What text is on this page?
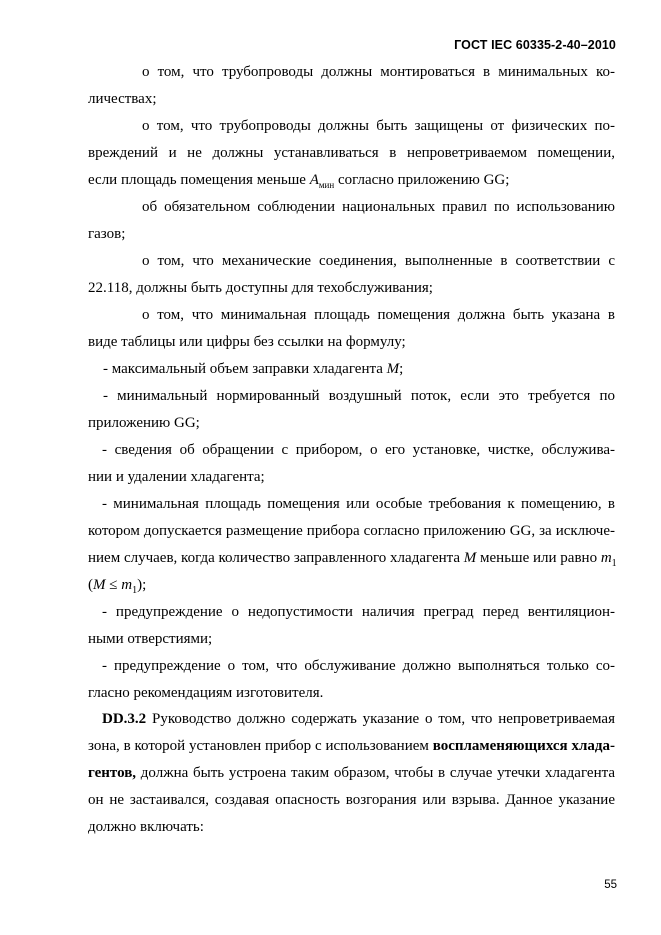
ГОСТ IEC 60335-2-40–2010
о том, что трубопроводы должны монтироваться в минимальных ко-
личествах;
о том, что трубопроводы должны быть защищены от физических по-
вреждений и не должны устанавливаться в непроветриваемом помещении,
если площадь помещения меньше $A_{мин}$ согласно приложению GG;
об обязательном соблюдении национальных правил по использованию
газов;
о том, что механические соединения, выполненные в соответствии с
22.118, должны быть доступны для техобслуживания;
о том, что минимальная площадь помещения должна быть указана в
виде таблицы или цифры без ссылки на формулу;
- максимальный объем заправки хладагента M;
- минимальный нормированный воздушный поток, если это требуется по
приложению GG;
- сведения об обращении с прибором, о его установке, чистке, обслужива-
нии и удалении хладагента;
- минимальная площадь помещения или особые требования к помещению, в
котором допускается размещение прибора согласно приложению GG, за исключе-
нием случаев, когда количество заправленного хладагента M меньше или равно $m_1$
$(M \le m_1)$;
- предупреждение о недопустимости наличия преград перед вентиляцион-
ными отверстиями;
- предупреждение о том, что обслуживание должно выполняться только со-
гласно рекомендациям изготовителя.
DD.3.2 Руководство должно содержать указание о том, что непроветриваемая
зона, в которой установлен прибор с использованием воспламеняющихся хлада-
гентов, должна быть устроена таким образом, чтобы в случае утечки хладагента
он не застаивался, создавая опасность возгорания или взрыва. Данное указание
должно включать:
55
